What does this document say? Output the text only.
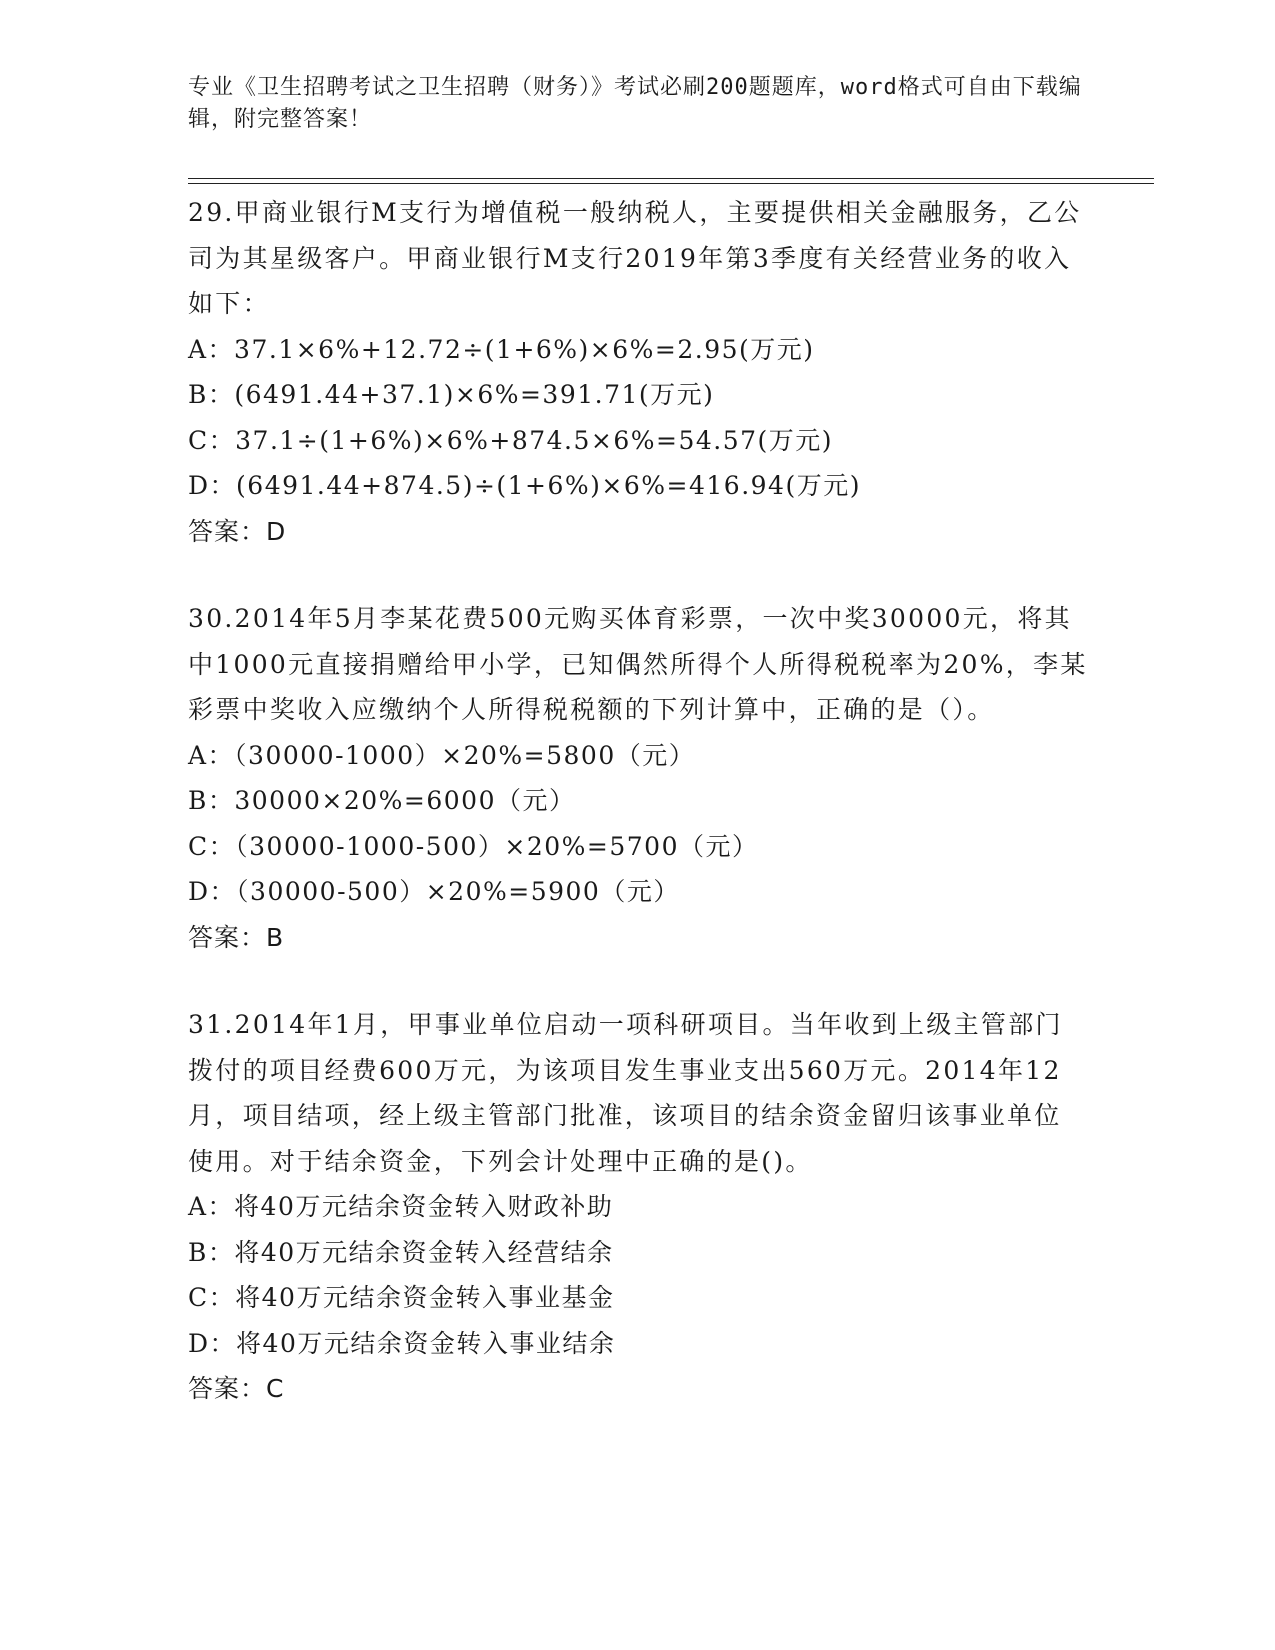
专业《卫生招聘考试之卫生招聘（财务）》考试必刷200题题库，word格式可自由下载编辑，附完整答案！
29.甲商业银行M支行为增值税一般纳税人，主要提供相关金融服务，乙公司为其星级客户。甲商业银行M支行2019年第3季度有关经营业务的收入如下：
A：37.1×6%+12.72÷(1+6%)×6%=2.95(万元)
B：(6491.44+37.1)×6%=391.71(万元)
C：37.1÷(1+6%)×6%+874.5×6%=54.57(万元)
D：(6491.44+874.5)÷(1+6%)×6%=416.94(万元)
答案：D
30.2014年5月李某花费500元购买体育彩票，一次中奖30000元，将其中1000元直接捐赠给甲小学，已知偶然所得个人所得税税率为20%，李某彩票中奖收入应缴纳个人所得税税额的下列计算中，正确的是（）。
A：（30000-1000）×20%=5800（元）
B：30000×20%=6000（元）
C：（30000-1000-500）×20%=5700（元）
D：（30000-500）×20%=5900（元）
答案：B
31.2014年1月，甲事业单位启动一项科研项目。当年收到上级主管部门拨付的项目经费600万元，为该项目发生事业支出560万元。2014年12月，项目结项，经上级主管部门批准，该项目的结余资金留归该事业单位使用。对于结余资金，下列会计处理中正确的是()。
A：将40万元结余资金转入财政补助
B：将40万元结余资金转入经营结余
C：将40万元结余资金转入事业基金
D：将40万元结余资金转入事业结余
答案：C
